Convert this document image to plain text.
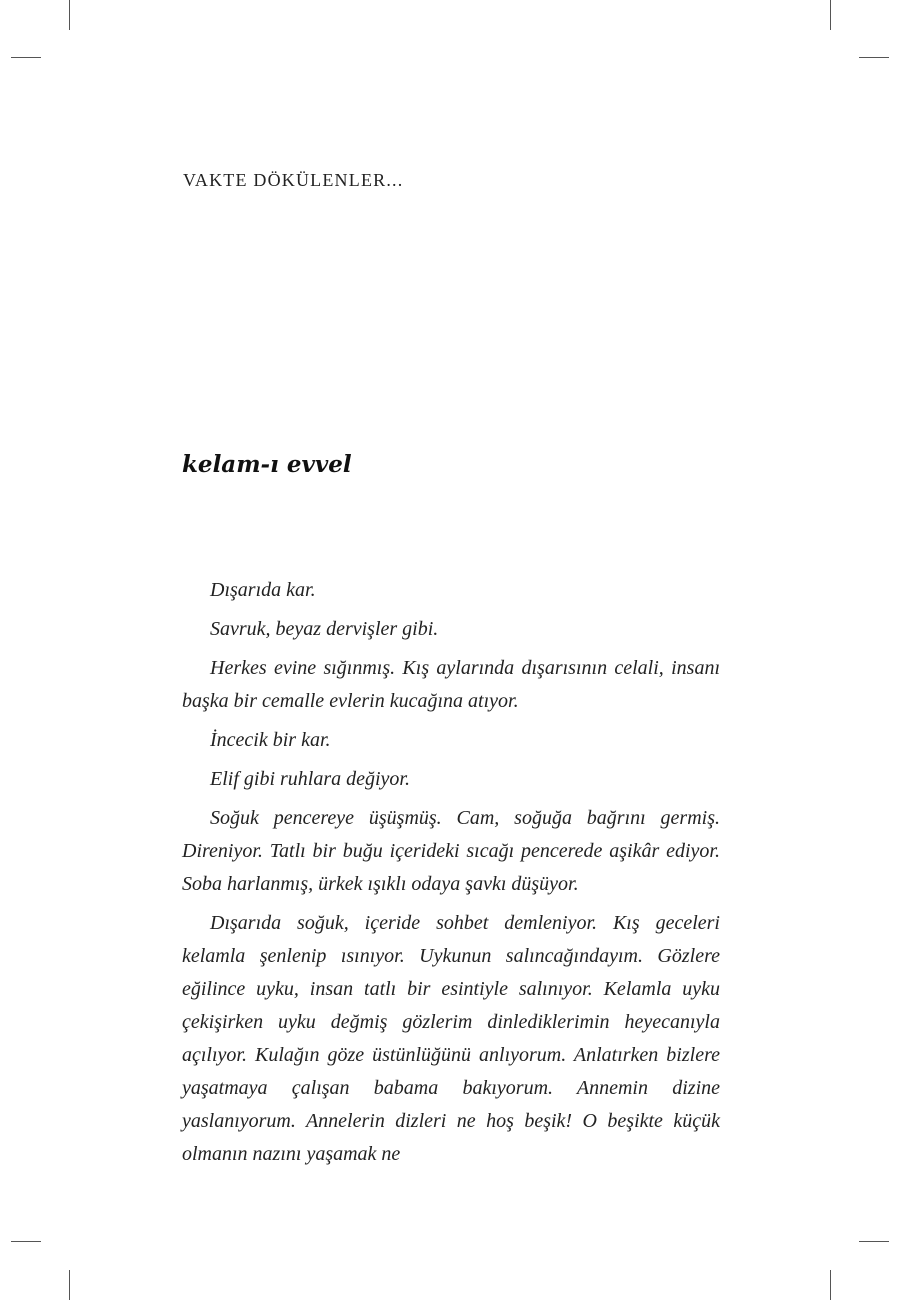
VAKTE DÖKÜLENLER...
kelam-ı evvel

Dışarıda kar.

Savruk, beyaz dervişler gibi.

Herkes evine sığınmış. Kış aylarında dışarısının celali, insanı başka bir cemalle evlerin kucağına atıyor.

İncecik bir kar.

Elif gibi ruhlara değiyor.

Soğuk pencereye üşüşmüş. Cam, soğuğa bağrını germiş. Direniyor. Tatlı bir buğu içerideki sıcağı pencerede aşikâr ediyor. Soba harlanmış, ürkek ışıklı odaya şavkı düşüyor.

Dışarıda soğuk, içeride sohbet demleniyor. Kış geceleri kelamla şenlenip ısınıyor. Uykunun salıncağındayım. Gözlere eğilince uyku, insan tatlı bir esintiyle salınıyor. Kelamla uyku çekişirken uyku değmiş gözlerim dinlediklerimin heyecanıyla açılıyor. Kulağın göze üstünlüğünü anlıyorum. Anlatırken bizlere yaşatmaya çalışan babama bakıyorum. Annemin dizine yaslanıyorum. Annelerin dizleri ne hoş beşik! O beşikte küçük olmanın nazını yaşamak ne
